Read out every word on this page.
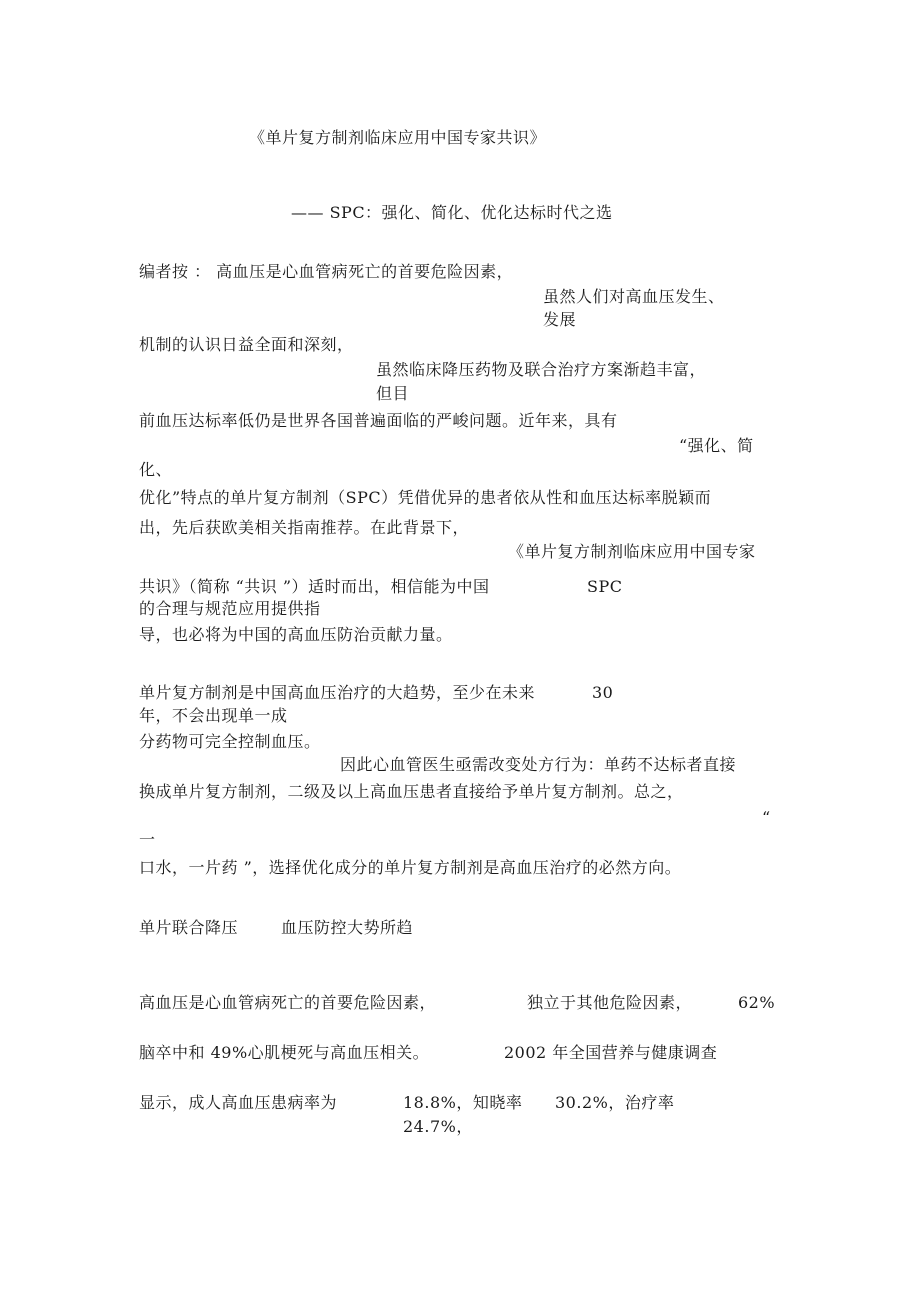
《单片复方制剂临床应用中国专家共识》
—— SPC：强化、简化、优化达标时代之选
编者按 ： 高血压是心血管病死亡的首要危险因素，
虽然人们对高血压发生、
发展
机制的认识日益全面和深刻，
虽然临床降压药物及联合治疗方案渐趋丰富，
但目
前血压达标率低仍是世界各国普遍面临的严峻问题。近年来，具有
“强化、简
化、
优化”特点的单片复方制剂（SPC）凭借优异的患者依从性和血压达标率脱颖而
出，先后获欧美相关指南推荐。在此背景下，
《单片复方制剂临床应用中国专家
共识》（简称 “共识 ”）适时而出，相信能为中国	SPC
的合理与规范应用提供指
导，也必将为中国的高血压防治贡献力量。
单片复方制剂是中国高血压治疗的大趋势，至少在未来	30
年，不会出现单一成
分药物可完全控制血压。
因此心血管医生亟需改变处方行为：单药不达标者直接
换成单片复方制剂，二级及以上高血压患者直接给予单片复方制剂。总之，
“
一
口水，一片药 ”，选择优化成分的单片复方制剂是高血压治疗的必然方向。
单片联合降压	血压防控大势所趋
高血压是心血管病死亡的首要危险因素，	独立于其他危险因素，	62%
脑卒中和 49%心肌梗死与高血压相关。	2002 年全国营养与健康调查
显示，成人高血压患病率为	18.8%，知晓率 30.2%，治疗率
24.7%，
